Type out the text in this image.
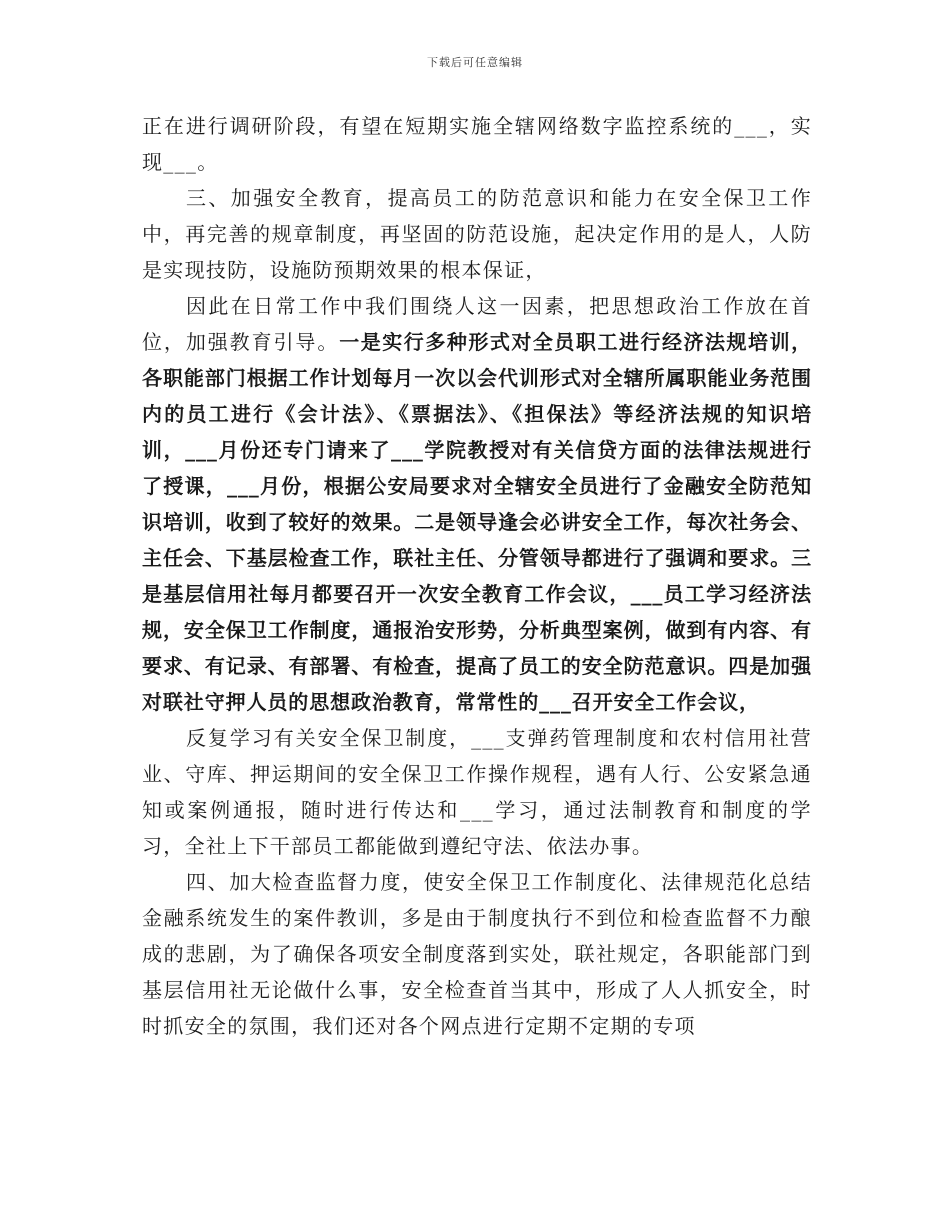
下载后可任意编辑

正在进行调研阶段，有望在短期实施全辖网络数字监控系统的___，实现___。

三、加强安全教育，提高员工的防范意识和能力在安全保卫工作中，再完善的规章制度，再坚固的防范设施，起决定作用的是人，人防是实现技防，设施防预期效果的根本保证，

因此在日常工作中我们围绕人这一因素，把思想政治工作放在首位，加强教育引导。一是实行多种形式对全员职工进行经济法规培训，各职能部门根据工作计划每月一次以会代训形式对全辖所属职能业务范围内的员工进行《会计法》、《票据法》、《担保法》等经济法规的知识培训，___月份还专门请来了___学院教授对有关信贷方面的法律法规进行了授课，___月份，根据公安局要求对全辖安全员进行了金融安全防范知识培训，收到了较好的效果。二是领导逢会必讲安全工作，每次社务会、主任会、下基层检查工作，联社主任、分管领导都进行了强调和要求。三是基层信用社每月都要召开一次安全教育工作会议，___员工学习经济法规，安全保卫工作制度，通报治安形势，分析典型案例，做到有内容、有要求、有记录、有部署、有检查，提高了员工的安全防范意识。四是加强对联社守押人员的思想政治教育，常常性的___召开安全工作会议，

反复学习有关安全保卫制度，___支弹药管理制度和农村信用社营业、守库、押运期间的安全保卫工作操作规程，遇有人行、公安紧急通知或案例通报，随时进行传达和___学习，通过法制教育和制度的学习，全社上下干部员工都能做到遵纪守法、依法办事。

四、加大检查监督力度，使安全保卫工作制度化、法律规范化总结金融系统发生的案件教训，多是由于制度执行不到位和检查监督不力酿成的悲剧，为了确保各项安全制度落到实处，联社规定，各职能部门到基层信用社无论做什么事，安全检查首当其中，形成了人人抓安全，时时抓安全的氛围，我们还对各个网点进行定期不定期的专项
